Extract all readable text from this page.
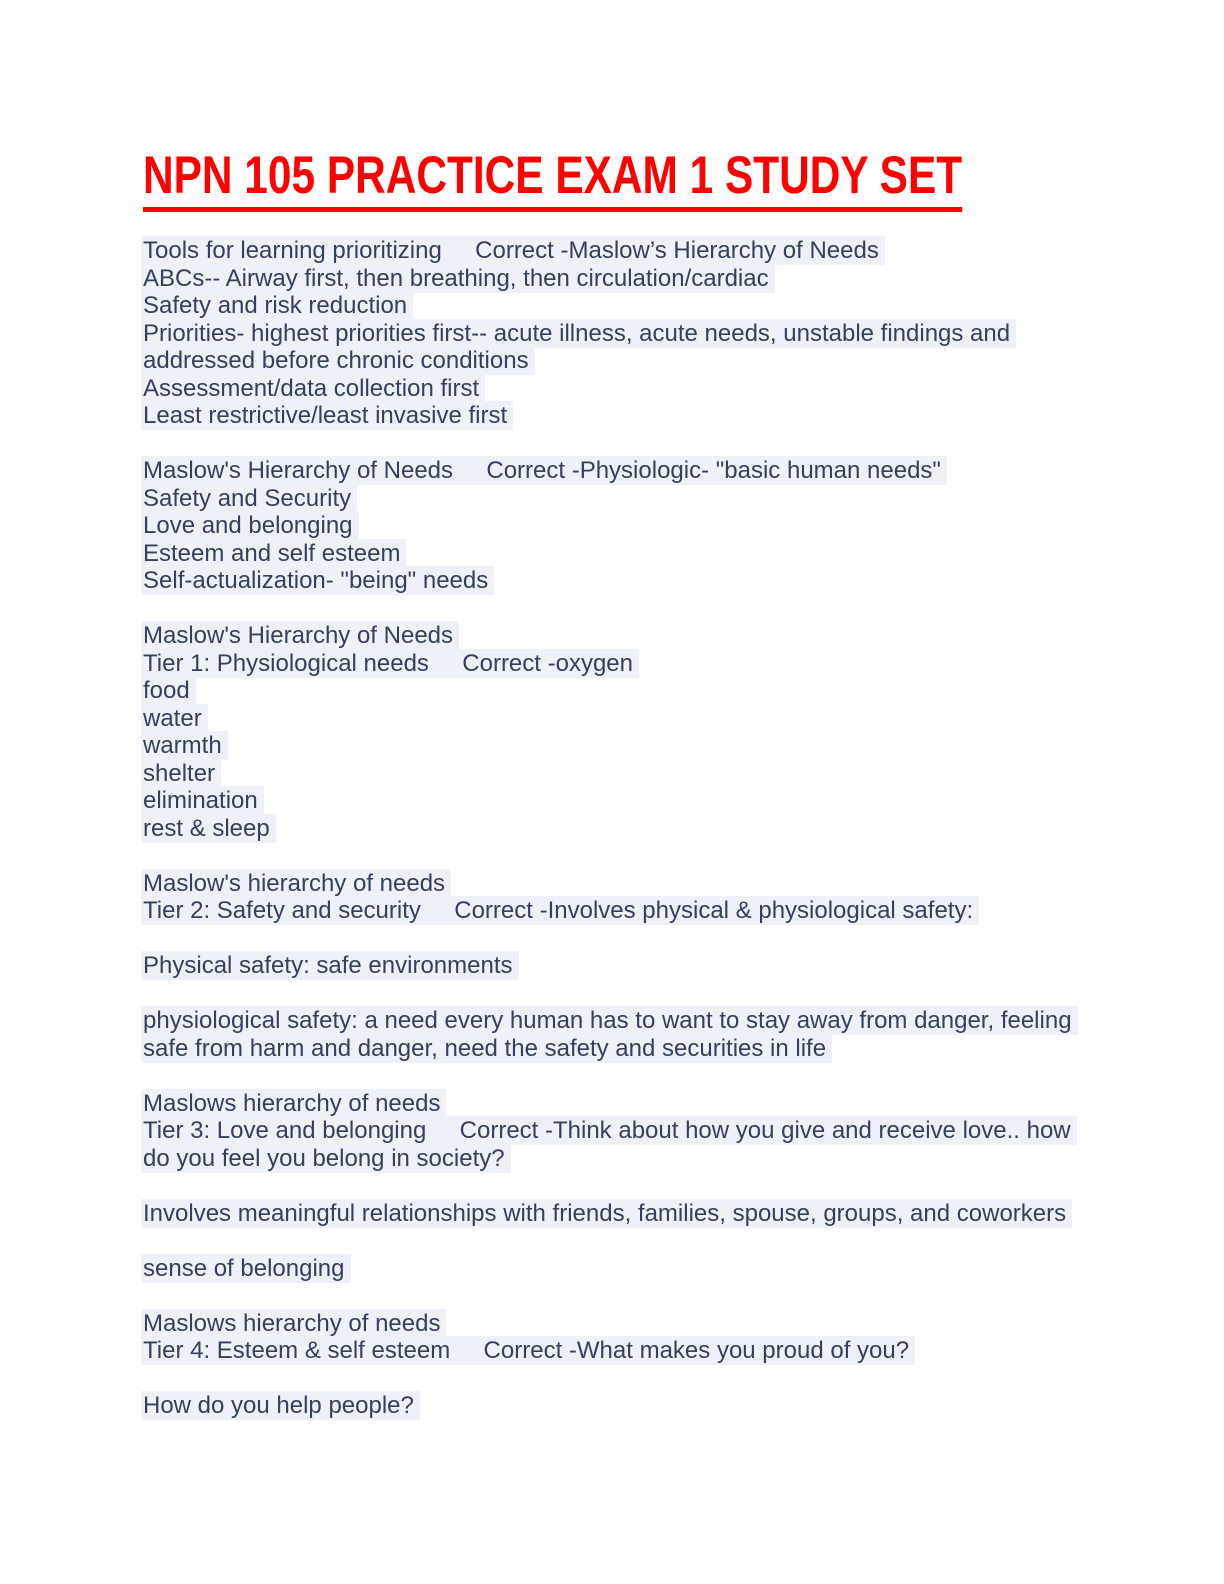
NPN 105 PRACTICE EXAM 1 STUDY SET
Tools for learning prioritizing     Correct -Maslow’s Hierarchy of Needs
ABCs-- Airway first, then breathing, then circulation/cardiac
Safety and risk reduction
Priorities- highest priorities first-- acute illness, acute needs, unstable findings and
addressed before chronic conditions
Assessment/data collection first
Least restrictive/least invasive first
Maslow's Hierarchy of Needs     Correct -Physiologic- "basic human needs"
Safety and Security
Love and belonging
Esteem and self esteem
Self-actualization- "being" needs
Maslow's Hierarchy of Needs
Tier 1: Physiological needs     Correct -oxygen
food
water
warmth
shelter
elimination
rest & sleep
Maslow's hierarchy of needs
Tier 2: Safety and security     Correct -Involves physical & physiological safety:
Physical safety: safe environments
physiological safety: a need every human has to want to stay away from danger, feeling
safe from harm and danger, need the safety and securities in life
Maslows hierarchy of needs
Tier 3: Love and belonging     Correct -Think about how you give and receive love.. how
do you feel you belong in society?
Involves meaningful relationships with friends, families, spouse, groups, and coworkers
sense of belonging
Maslows hierarchy of needs
Tier 4: Esteem & self esteem     Correct -What makes you proud of you?
How do you help people?
